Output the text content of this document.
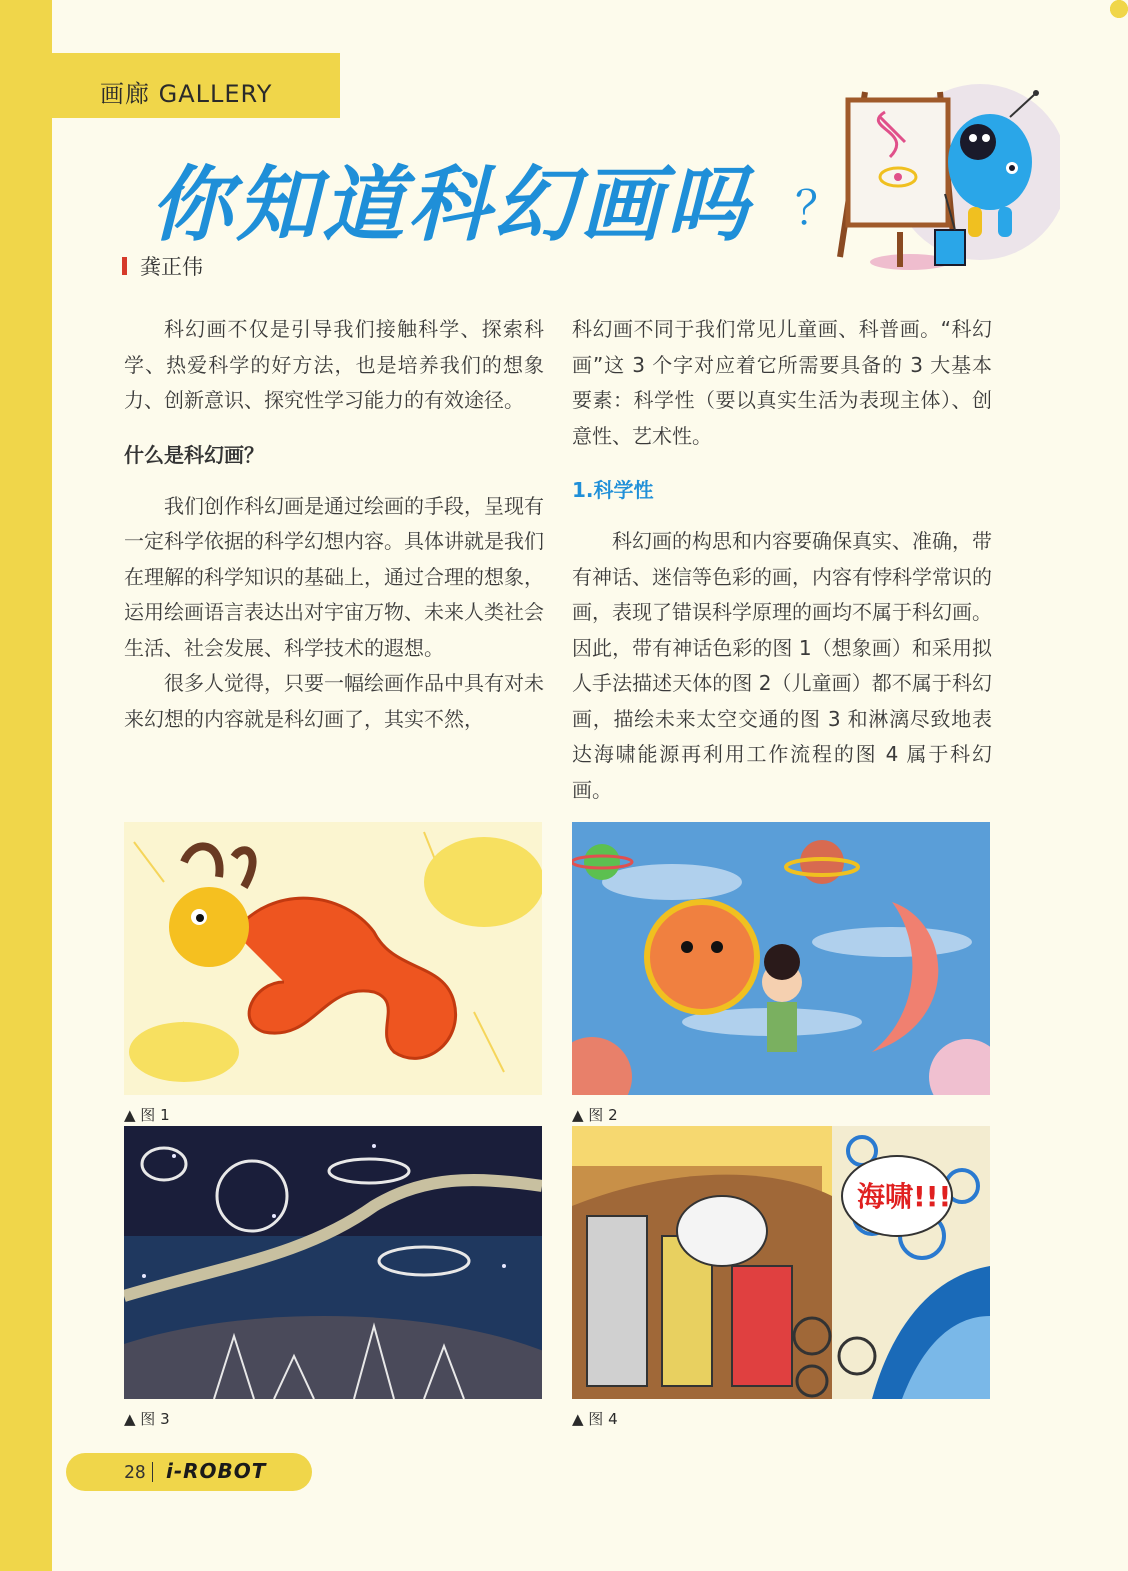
画廊 GALLERY
你知道科幻画吗 ？
龚正伟

科幻画不仅是引导我们接触科学、探索科学、热爱科学的好方法，也是培养我们的想象力、创新意识、探究性学习能力的有效途径。

什么是科幻画？

我们创作科幻画是通过绘画的手段，呈现有一定科学依据的科学幻想内容。具体讲就是我们在理解的科学知识的基础上，通过合理的想象，运用绘画语言表达出对宇宙万物、未来人类社会生活、社会发展、科学技术的遐想。

很多人觉得，只要一幅绘画作品中具有对未来幻想的内容就是科幻画了，其实不然，

科幻画不同于我们常见儿童画、科普画。“科幻画”这 3 个字对应着它所需要具备的 3 大基本要素：科学性（要以真实生活为表现主体）、创意性、艺术性。

1.科学性

科幻画的构思和内容要确保真实、准确，带有神话、迷信等色彩的画，内容有悖科学常识的画，表现了错误科学原理的画均不属于科幻画。因此，带有神话色彩的图 1（想象画）和采用拟人手法描述天体的图 2（儿童画）都不属于科幻画，描绘未来太空交通的图 3 和淋漓尽致地表达海啸能源再利用工作流程的图 4 属于科幻画。

▲ 图 1	▲ 图 2
▲ 图 3
海啸!!!
▲ 图 4
28 i-ROBOT
